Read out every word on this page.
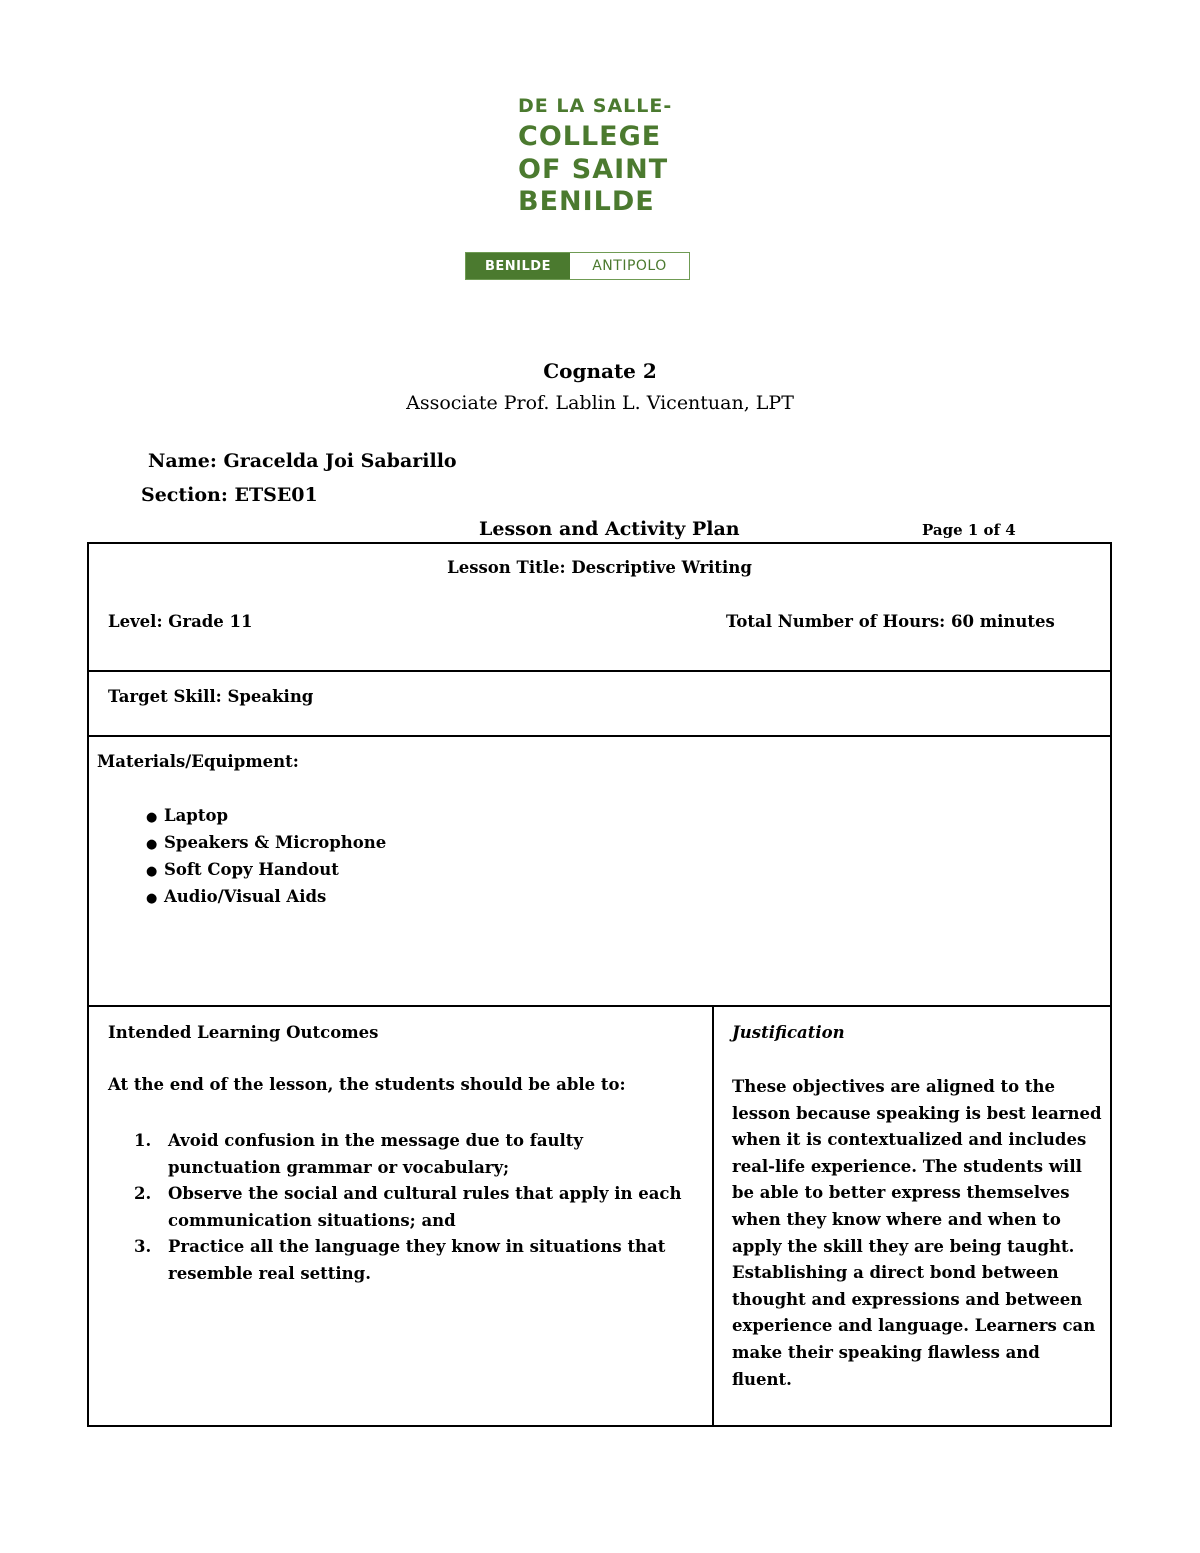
DE LA SALLE-
COLLEGE
OF SAINT
BENILDE
BENILDE	ANTIPOLO
Cognate 2
Associate Prof. Lablin L. Vicentuan, LPT
Name: Gracelda Joi Sabarillo
Section: ETSE01
Lesson and Activity Plan	Page 1 of 4
Lesson Title: Descriptive Writing
Level: Grade 11	Total Number of Hours: 60 minutes
Target Skill: Speaking
Materials/Equipment:
● Laptop
● Speakers & Microphone
● Soft Copy Handout
● Audio/Visual Aids
Intended Learning Outcomes
At the end of the lesson, the students should be able to:
1. Avoid confusion in the message due to faulty punctuation grammar or vocabulary;
2. Observe the social and cultural rules that apply in each communication situations; and
3. Practice all the language they know in situations that resemble real setting.
Justification
These objectives are aligned to the lesson because speaking is best learned when it is contextualized and includes real-life experience. The students will be able to better express themselves when they know where and when to apply the skill they are being taught. Establishing a direct bond between thought and expressions and between experience and language. Learners can make their speaking flawless and fluent.
